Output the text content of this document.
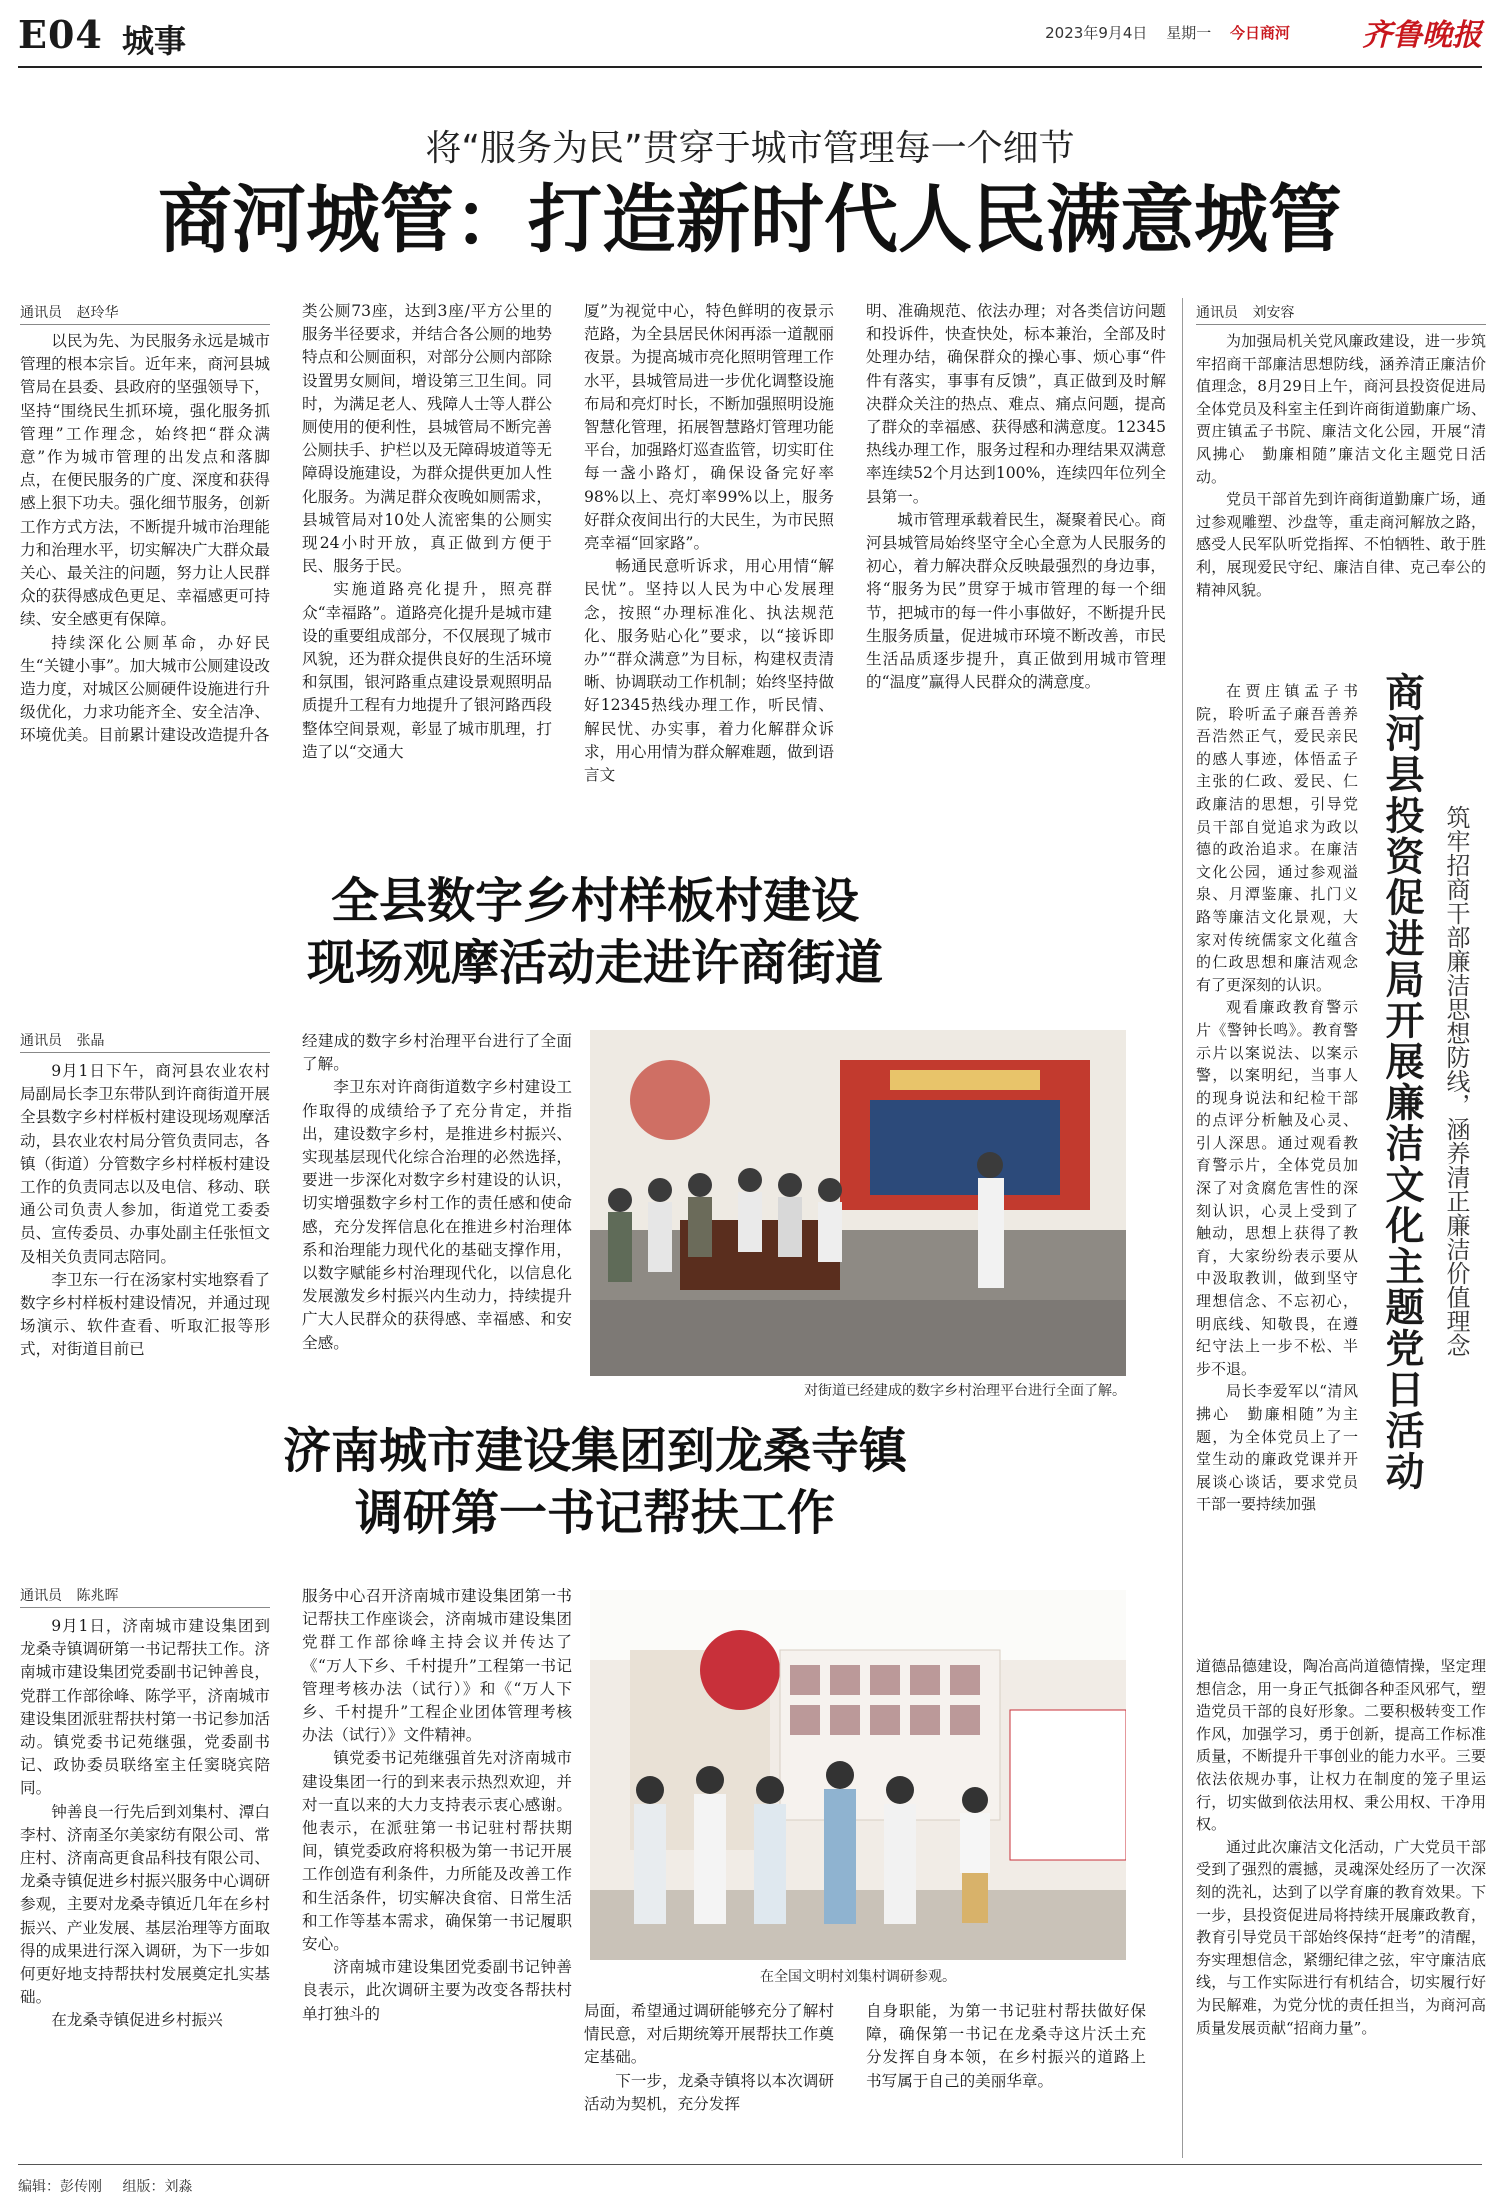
E04 城事	2023年9月4日 星期一 今日商河 齐鲁晚报
将“服务为民”贯穿于城市管理每一个细节
商河城管：打造新时代人民满意城管
通讯员 赵玲华

以民为先、为民服务永远是城市管理的根本宗旨。近年来，商河县城管局在县委、县政府的坚强领导下，坚持“围绕民生抓环境，强化服务抓管理”工作理念，始终把“群众满意”作为城市管理的出发点和落脚点，在便民服务的广度、深度和获得感上狠下功夫。强化细节服务，创新工作方式方法，不断提升城市治理能力和治理水平，切实解决广大群众最关心、最关注的问题，努力让人民群众的获得感成色更足、幸福感更可持续、安全感更有保障。

持续深化公厕革命，办好民生“关键小事”。加大城市公厕建设改造力度，对城区公厕硬件设施进行升级优化，力求功能齐全、安全洁净、环境优美。目前累计建设改造提升各

类公厕73座，达到3座/平方公里的服务半径要求，并结合各公厕的地势特点和公厕面积，对部分公厕内部除设置男女厕间，增设第三卫生间。同时，为满足老人、残障人士等人群公厕使用的便利性，县城管局不断完善公厕扶手、护栏以及无障碍坡道等无障碍设施建设，为群众提供更加人性化服务。为满足群众夜晚如厕需求，县城管局对10处人流密集的公厕实现24小时开放，真正做到方便于民、服务于民。

实施道路亮化提升，照亮群众“幸福路”。道路亮化提升是城市建设的重要组成部分，不仅展现了城市风貌，还为群众提供良好的生活环境和氛围，银河路重点建设景观照明品质提升工程有力地提升了银河路西段整体空间景观，彰显了城市肌理，打造了以“交通大

厦”为视觉中心，特色鲜明的夜景示范路，为全县居民休闲再添一道靓丽夜景。为提高城市亮化照明管理工作水平，县城管局进一步优化调整设施布局和亮灯时长，不断加强照明设施智慧化管理，拓展智慧路灯管理功能平台，加强路灯巡查监管，切实盯住每一盏小路灯，确保设备完好率98%以上、亮灯率99%以上，服务好群众夜间出行的大民生，为市民照亮幸福“回家路”。

畅通民意听诉求，用心用情“解民忧”。坚持以人民为中心发展理念，按照“办理标准化、执法规范化、服务贴心化”要求，以“接诉即办”“群众满意”为目标，构建权责清晰、协调联动工作机制；始终坚持做好12345热线办理工作，听民情、解民忧、办实事，着力化解群众诉求，用心用情为群众解难题，做到语言文

明、准确规范、依法办理；对各类信访问题和投诉件，快查快处，标本兼治，全部及时处理办结，确保群众的操心事、烦心事“件件有落实，事事有反馈”，真正做到及时解决群众关注的热点、难点、痛点问题，提高了群众的幸福感、获得感和满意度。12345热线办理工作，服务过程和办理结果双满意率连续52个月达到100%，连续四年位列全县第一。

城市管理承载着民生，凝聚着民心。商河县城管局始终坚守全心全意为人民服务的初心，着力解决群众反映最强烈的身边事，将“服务为民”贯穿于城市管理的每一个细节，把城市的每一件小事做好，不断提升民生服务质量，促进城市环境不断改善，市民生活品质逐步提升，真正做到用城市管理的“温度”赢得人民群众的满意度。

全县数字乡村样板村建设
现场观摩活动走进许商街道
通讯员 张晶

9月1日下午，商河县农业农村局副局长李卫东带队到许商街道开展全县数字乡村样板村建设现场观摩活动，县农业农村局分管负责同志，各镇（街道）分管数字乡村样板村建设工作的负责同志以及电信、移动、联通公司负责人参加，街道党工委委员、宣传委员、办事处副主任张恒文及相关负责同志陪同。

李卫东一行在汤家村实地察看了数字乡村样板村建设情况，并通过现场演示、软件查看、听取汇报等形式，对街道目前已

经建成的数字乡村治理平台进行了全面了解。

李卫东对许商街道数字乡村建设工作取得的成绩给予了充分肯定，并指出，建设数字乡村，是推进乡村振兴、实现基层现代化综合治理的必然选择，要进一步深化对数字乡村建设的认识，切实增强数字乡村工作的责任感和使命感，充分发挥信息化在推进乡村治理体系和治理能力现代化的基础支撑作用，以数字赋能乡村治理现代化，以信息化发展激发乡村振兴内生动力，持续提升广大人民群众的获得感、幸福感、和安全感。

对街道已经建成的数字乡村治理平台进行全面了解。
济南城市建设集团到龙桑寺镇
调研第一书记帮扶工作
通讯员 陈兆晖

9月1日，济南城市建设集团到龙桑寺镇调研第一书记帮扶工作。济南城市建设集团党委副书记钟善良，党群工作部徐峰、陈学平，济南城市建设集团派驻帮扶村第一书记参加活动。镇党委书记苑继强，党委副书记、政协委员联络室主任窦晓宾陪同。

钟善良一行先后到刘集村、潭白李村、济南圣尔美家纺有限公司、常庄村、济南高更食品科技有限公司、龙桑寺镇促进乡村振兴服务中心调研参观，主要对龙桑寺镇近几年在乡村振兴、产业发展、基层治理等方面取得的成果进行深入调研，为下一步如何更好地支持帮扶村发展奠定扎实基础。

在龙桑寺镇促进乡村振兴

服务中心召开济南城市建设集团第一书记帮扶工作座谈会，济南城市建设集团党群工作部徐峰主持会议并传达了《“万人下乡、千村提升”工程第一书记管理考核办法（试行）》和《“万人下乡、千村提升”工程企业团体管理考核办法（试行）》文件精神。

镇党委书记苑继强首先对济南城市建设集团一行的到来表示热烈欢迎，并对一直以来的大力支持表示衷心感谢。他表示，在派驻第一书记驻村帮扶期间，镇党委政府将积极为第一书记开展工作创造有利条件，力所能及改善工作和生活条件，切实解决食宿、日常生活和工作等基本需求，确保第一书记履职安心。

济南城市建设集团党委副书记钟善良表示，此次调研主要为改变各帮扶村单打独斗的

在全国文明村刘集村调研参观。

局面，希望通过调研能够充分了解村情民意，对后期统筹开展帮扶工作奠定基础。

下一步，龙桑寺镇将以本次调研活动为契机，充分发挥

自身职能，为第一书记驻村帮扶做好保障，确保第一书记在龙桑寺这片沃土充分发挥自身本领，在乡村振兴的道路上书写属于自己的美丽华章。

通讯员 刘安容

为加强局机关党风廉政建设，进一步筑牢招商干部廉洁思想防线，涵养清正廉洁价值理念，8月29日上午，商河县投资促进局全体党员及科室主任到许商街道勤廉广场、贾庄镇孟子书院、廉洁文化公园，开展“清风拂心　勤廉相随”廉洁文化主题党日活动。

党员干部首先到许商街道勤廉广场，通过参观雕塑、沙盘等，重走商河解放之路，感受人民军队听党指挥、不怕牺牲、敢于胜利，展现爱民守纪、廉洁自律、克己奉公的精神风貌。

在贾庄镇孟子书院，聆听孟子亷吾善养吾浩然正气，爱民亲民的感人事迹，体悟孟子主张的仁政、爱民、仁政廉洁的思想，引导党员干部自觉追求为政以德的政治追求。在廉洁文化公园，通过参观溢泉、月潭鉴廉、扎门义路等廉洁文化景观，大家对传统儒家文化蕴含的仁政思想和廉洁观念有了更深刻的认识。

观看廉政教育警示片《警钟长鸣》。教育警示片以案说法、以案示警，以案明纪，当事人的现身说法和纪检干部的点评分析触及心灵、引人深思。通过观看教育警示片，全体党员加深了对贪腐危害性的深刻认识，心灵上受到了触动，思想上获得了教育，大家纷纷表示要从中汲取教训，做到坚守理想信念、不忘初心，明底线、知敬畏，在遵纪守法上一步不松、半步不退。

局长李爱军以“清风拂心　勤廉相随”为主题，为全体党员上了一堂生动的廉政党课并开展谈心谈话，要求党员干部一要持续加强

商河县投资促进局开展廉洁文化主题党日活动 筑牢招商干部廉洁思想防线，涵养清正廉洁价值理念

道德品德建设，陶冶高尚道德情操，坚定理想信念，用一身正气抵御各种歪风邪气，塑造党员干部的良好形象。二要积极转变工作作风，加强学习，勇于创新，提高工作标准质量，不断提升干事创业的能力水平。三要依法依规办事，让权力在制度的笼子里运行，切实做到依法用权、秉公用权、干净用权。

通过此次廉洁文化活动，广大党员干部受到了强烈的震撼，灵魂深处经历了一次深刻的洗礼，达到了以学育廉的教育效果。下一步，县投资促进局将持续开展廉政教育，教育引导党员干部始终保持“赶考”的清醒，夯实理想信念，紧绷纪律之弦，牢守廉洁底线，与工作实际进行有机结合，切实履行好为民解难，为党分忧的责任担当，为商河高质量发展贡献“招商力量”。

编辑：彭传刚 组版：刘淼
